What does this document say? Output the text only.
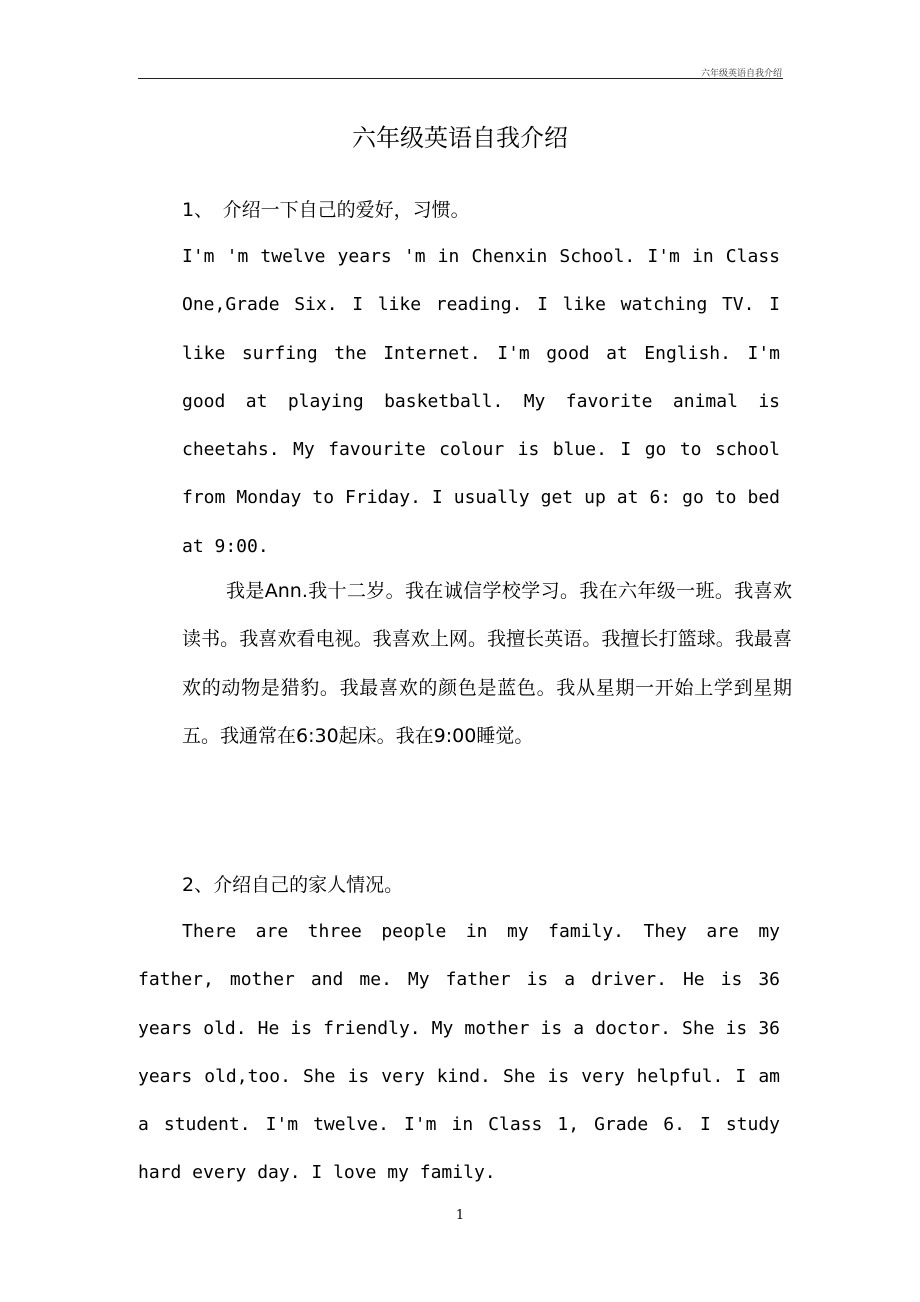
六年级英语自我介绍
六年级英语自我介绍
1、　介绍一下自己的爱好，习惯。
I'm 'm twelve years 'm in Chenxin School. I'm in Class One,Grade Six. I like reading. I like watching TV. I like surfing the Internet. I'm good at English. I'm good at playing basketball. My favorite animal is cheetahs. My favourite colour is blue. I go to school from Monday to Friday. I usually get up at 6: go to bed at 9:00.
我是Ann.我十二岁。我在诚信学校学习。我在六年级一班。我喜欢读书。我喜欢看电视。我喜欢上网。我擅长英语。我擅长打篮球。我最喜欢的动物是猎豹。我最喜欢的颜色是蓝色。我从星期一开始上学到星期五。我通常在6:30起床。我在9:00睡觉。
2、介绍自己的家人情况。
There are three people in my family. They are my father, mother and me. My father is a driver. He is 36 years old. He is friendly. My mother is a doctor. She is 36 years old,too. She is very kind. She is very helpful. I am a student. I'm twelve. I'm in Class 1, Grade 6. I study hard every day. I love my family.
1
